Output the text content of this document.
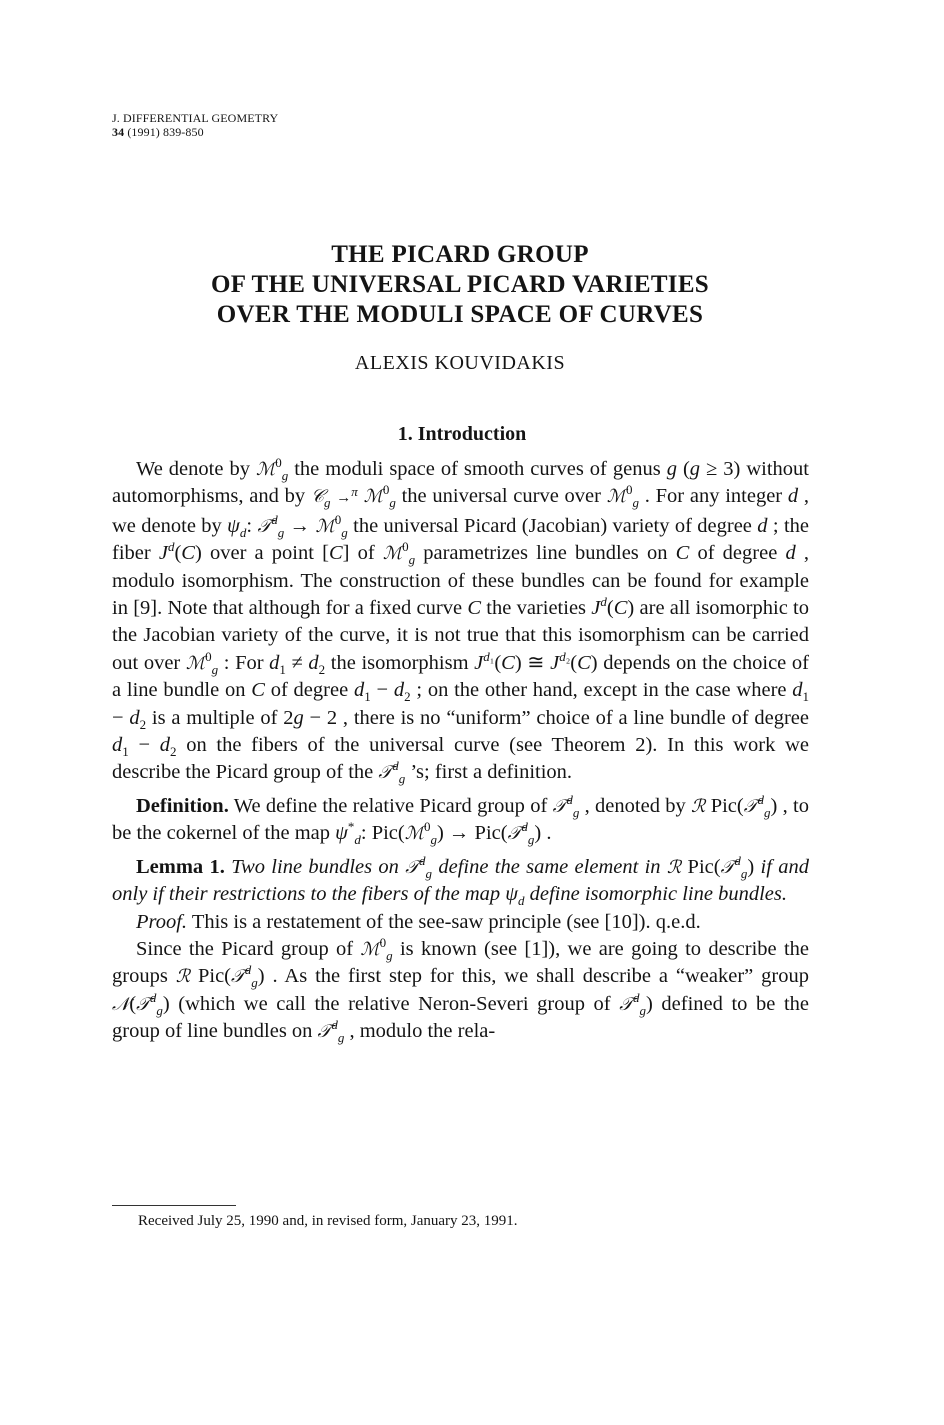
J. DIFFERENTIAL GEOMETRY
34 (1991) 839-850
THE PICARD GROUP
OF THE UNIVERSAL PICARD VARIETIES
OVER THE MODULI SPACE OF CURVES
ALEXIS KOUVIDAKIS
1. Introduction

We denote by ℳ$^0_g$ the moduli space of smooth curves of genus g (g ≥ 3) without automorphisms, and by 𝒞$_g$ →$^\pi$ ℳ$^0_g$ the universal curve over ℳ$^0_g$ . For any integer d , we denote by $\psi_d$: 𝒯$^d_g$ → ℳ$^0_g$ the universal Picard (Jacobian) variety of degree d ; the fiber $J^d(C)$ over a point [C] of ℳ$^0_g$ parametrizes line bundles on C of degree d , modulo isomorphism. The construction of these bundles can be found for example in [9]. Note that although for a fixed curve C the varieties $J^d(C)$ are all isomorphic to the Jacobian variety of the curve, it is not true that this isomorphism can be carried out over ℳ$^0_g$ : For $d_1 \ne d_2$ the isomorphism $J^{d_1}(C)$ ≅ $J^{d_2}(C)$ depends on the choice of a line bundle on C of degree $d_1 - d_2$ ; on the other hand, except in the case where $d_1 - d_2$ is a multiple of 2g − 2 , there is no “uniform” choice of a line bundle of degree $d_1 - d_2$ on the fibers of the universal curve (see Theorem 2). In this work we describe the Picard group of the 𝒯$^d_g$ ’s; first a definition.

Definition. We define the relative Picard group of 𝒯$^d_g$ , denoted by ℛ Pic(𝒯$^d_g$) , to be the cokernel of the map $\psi^*_d$: Pic(ℳ$^0_g$) → Pic(𝒯$^d_g$) .

Lemma 1. Two line bundles on 𝒯$^d_g$ define the same element in ℛ Pic(𝒯$^d_g$) if and only if their restrictions to the fibers of the map $\psi_d$ define isomorphic line bundles.

Proof. This is a restatement of the see-saw principle (see [10]). q.e.d.

Since the Picard group of ℳ$^0_g$ is known (see [1]), we are going to describe the groups ℛ Pic(𝒯$^d_g$) . As the first step for this, we shall describe a “weaker” group 𝒩(𝒯$^d_g$) (which we call the relative Neron-Severi group of 𝒯$^d_g$) defined to be the group of line bundles on 𝒯$^d_g$ , modulo the rela-

Received July 25, 1990 and, in revised form, January 23, 1991.
